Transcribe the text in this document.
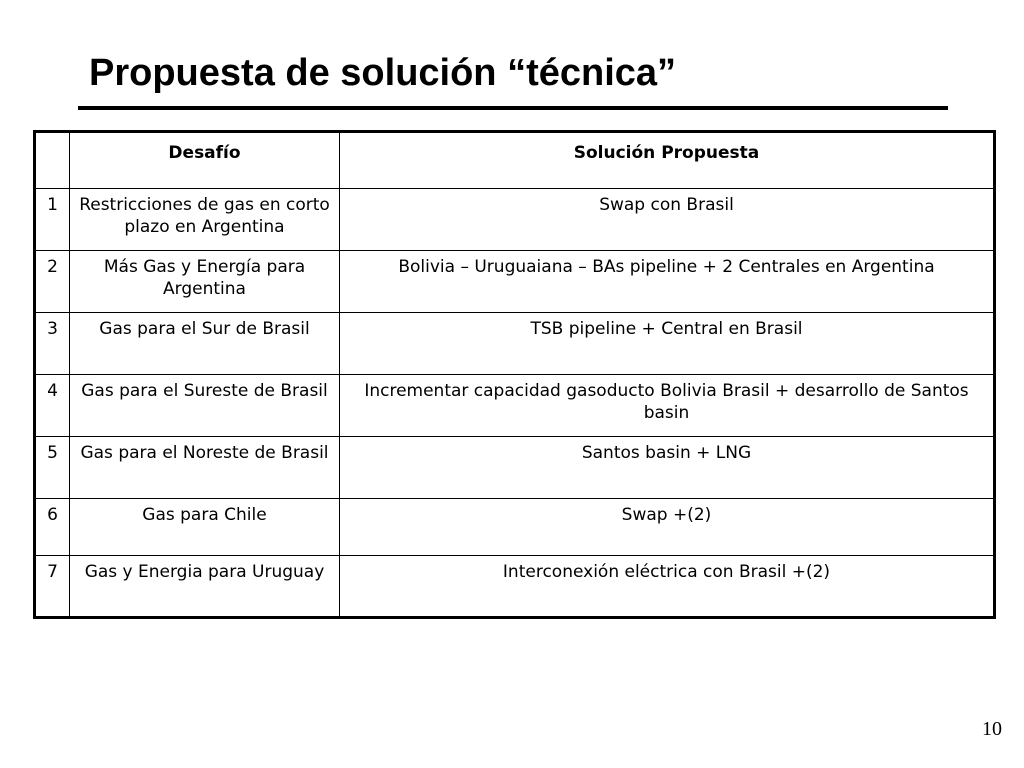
Propuesta de solución “técnica”
	Desafío	Solución Propuesta
1	Restricciones de gas en corto plazo en Argentina	Swap con Brasil
2	Más Gas y Energía para Argentina	Bolivia – Uruguaiana – BAs pipeline + 2 Centrales en Argentina
3	Gas para el Sur de Brasil	TSB pipeline + Central en Brasil
4	Gas para el Sureste de Brasil	Incrementar capacidad gasoducto Bolivia Brasil + desarrollo de Santos basin
5	Gas para el Noreste de Brasil	Santos basin + LNG
6	Gas para Chile	Swap +(2)
7	Gas y Energia para Uruguay	Interconexión eléctrica con Brasil +(2)
10
